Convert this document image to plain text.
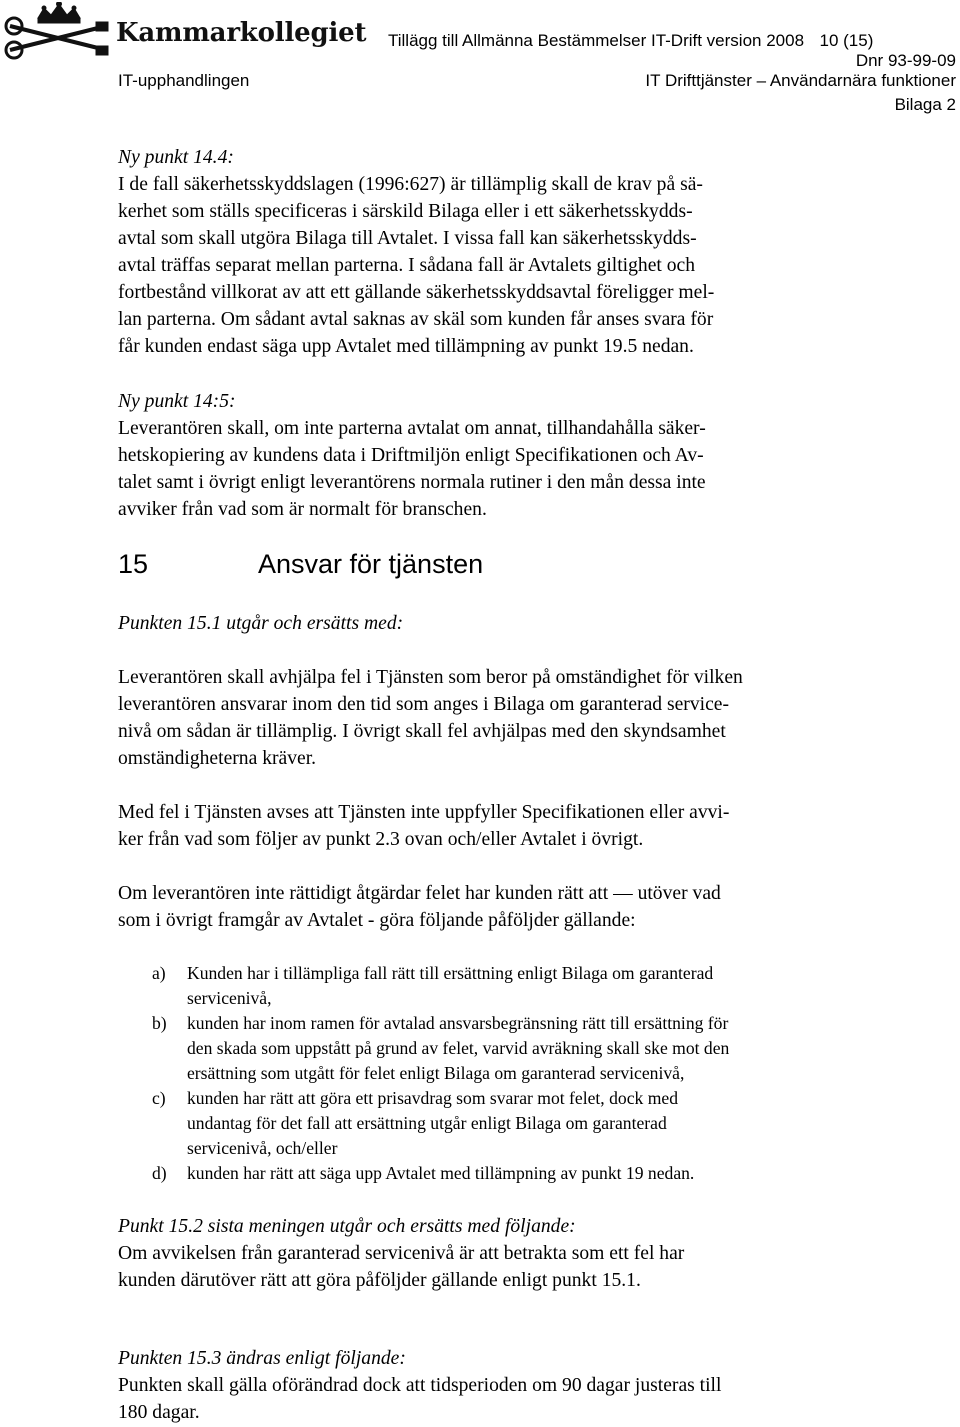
Kammarkollegiet Tillägg till Allmänna Bestämmelser IT-Drift version 2008 10 (15)
Dnr 93-99-09
IT-upphandlingen	IT Drifttjänster – Användarnära funktioner
Bilaga 2
Ny punkt 14.4:
I de fall säkerhetsskyddslagen (1996:627) är tillämplig skall de krav på sä-
kerhet som ställs specificeras i särskild Bilaga eller i ett säkerhetsskydds-
avtal som skall utgöra Bilaga till Avtalet. I vissa fall kan säkerhetsskydds-
avtal träffas separat mellan parterna. I sådana fall är Avtalets giltighet och
fortbestånd villkorat av att ett gällande säkerhetsskyddsavtal föreligger mel-
lan parterna. Om sådant avtal saknas av skäl som kunden får anses svara för
får kunden endast säga upp Avtalet med tillämpning av punkt 19.5 nedan.
Ny punkt 14:5:
Leverantören skall, om inte parterna avtalat om annat, tillhandahålla säker-
hetskopiering av kundens data i Driftmiljön enligt Specifikationen och Av-
talet samt i övrigt enligt leverantörens normala rutiner i den mån dessa inte
avviker från vad som är normalt för branschen.
15	Ansvar för tjänsten
Punkten 15.1 utgår och ersätts med:
Leverantören skall avhjälpa fel i Tjänsten som beror på omständighet för vilken
leverantören ansvarar inom den tid som anges i Bilaga om garanterad service-
nivå om sådan är tillämplig. I övrigt skall fel avhjälpas med den skyndsamhet
omständigheterna kräver.
Med fel i Tjänsten avses att Tjänsten inte uppfyller Specifikationen eller avvi-
ker från vad som följer av punkt 2.3 ovan och/eller Avtalet i övrigt.
Om leverantören inte rättidigt åtgärdar felet har kunden rätt att — utöver vad
som i övrigt framgår av Avtalet - göra följande påföljder gällande:
a) Kunden har i tillämpliga fall rätt till ersättning enligt Bilaga om garanterad
servicenivå,
b) kunden har inom ramen för avtalad ansvarsbegränsning rätt till ersättning för
den skada som uppstått på grund av felet, varvid avräkning skall ske mot den
ersättning som utgått för felet enligt Bilaga om garanterad servicenivå,
c) kunden har rätt att göra ett prisavdrag som svarar mot felet, dock med
undantag för det fall att ersättning utgår enligt Bilaga om garanterad
servicenivå, och/eller
d) kunden har rätt att säga upp Avtalet med tillämpning av punkt 19 nedan.
Punkt 15.2 sista meningen utgår och ersätts med följande:
Om avvikelsen från garanterad servicenivå är att betrakta som ett fel har
kunden därutöver rätt att göra påföljder gällande enligt punkt 15.1.
Punkten 15.3 ändras enligt följande:
Punkten skall gälla oförändrad dock att tidsperioden om 90 dagar justeras till
180 dagar.
